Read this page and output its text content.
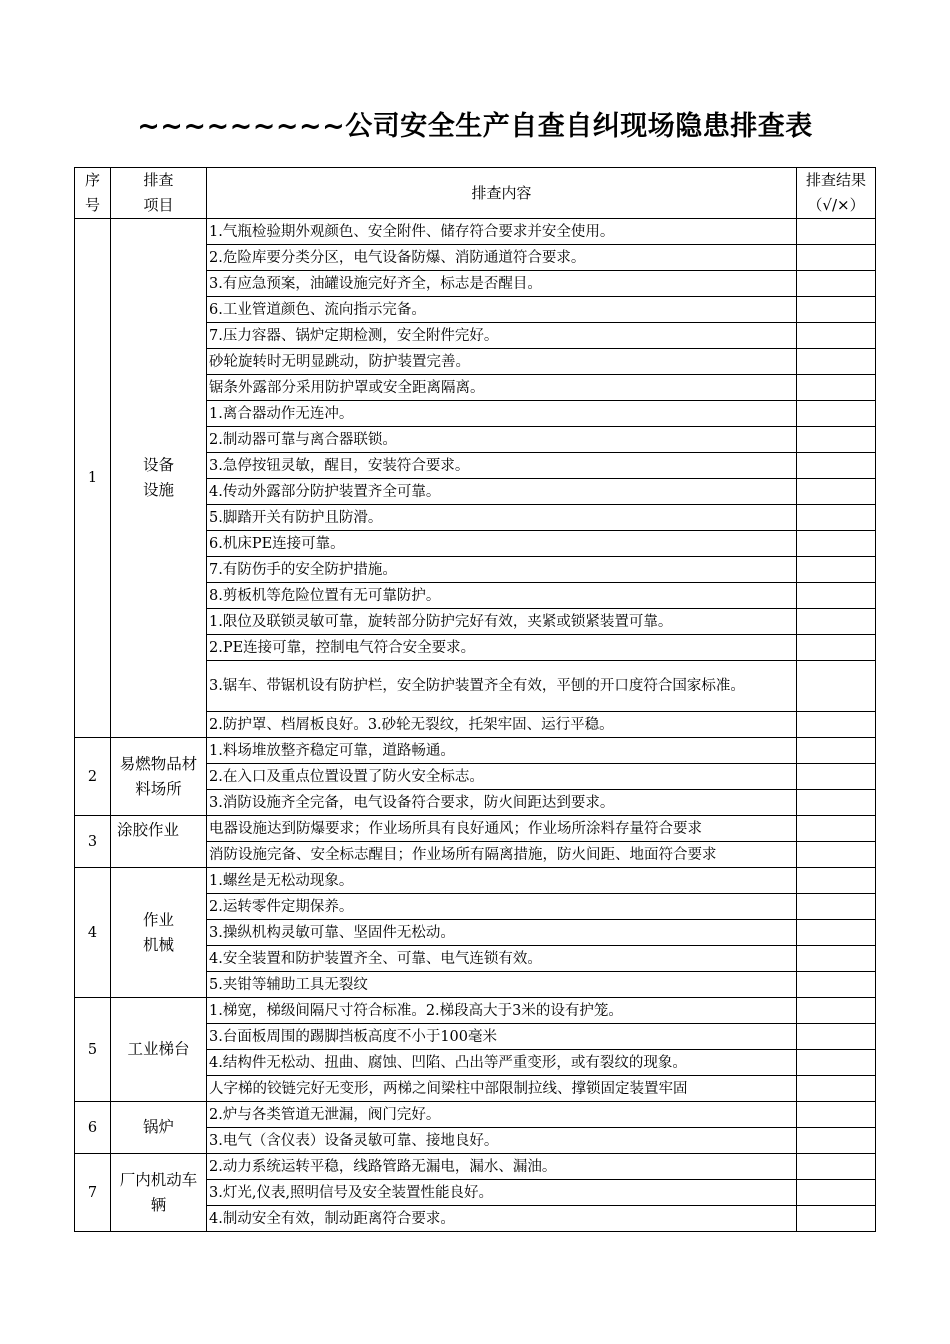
~~~~~~~~~公司安全生产自查自纠现场隐患排查表
序
号	排查
项目	排查内容	排查结果
（√/×）
1	设备
设施	1.气瓶检验期外观颜色、安全附件、储存符合要求并安全使用。	
		2.危险库要分类分区，电气设备防爆、消防通道符合要求。	
		3.有应急预案，油罐设施完好齐全，标志是否醒目。	
		6.工业管道颜色、流向指示完备。	
		7.压力容器、锅炉定期检测，安全附件完好。	
		砂轮旋转时无明显跳动，防护装置完善。	
		锯条外露部分采用防护罩或安全距离隔离。	
		1.离合器动作无连冲。	
		2.制动器可靠与离合器联锁。	
		3.急停按钮灵敏，醒目，安装符合要求。	
		4.传动外露部分防护装置齐全可靠。	
		5.脚踏开关有防护且防滑。	
		6.机床PE连接可靠。	
		7.有防伤手的安全防护措施。	
		8.剪板机等危险位置有无可靠防护。	
		1.限位及联锁灵敏可靠，旋转部分防护完好有效，夹紧或锁紧装置可靠。	
		2.PE连接可靠，控制电气符合安全要求。	
		3.锯车、带锯机设有防护栏，安全防护装置齐全有效，平刨的开口度符合国家标准。	
		2.防护罩、档屑板良好。3.砂轮无裂纹，托架牢固、运行平稳。	
2	易燃物品材
料场所	1.料场堆放整齐稳定可靠，道路畅通。	
		2.在入口及重点位置设置了防火安全标志。	
		3.消防设施齐全完备，电气设备符合要求，防火间距达到要求。	
3	涂胶作业	电器设施达到防爆要求；作业场所具有良好通风；作业场所涂料存量符合要求	
		消防设施完备、安全标志醒目；作业场所有隔离措施，防火间距、地面符合要求	
4	作业
机械	1.螺丝是无松动现象。	
		2.运转零件定期保养。	
		3.操纵机构灵敏可靠、坚固件无松动。	
		4.安全装置和防护装置齐全、可靠、电气连锁有效。	
		5.夹钳等辅助工具无裂纹	
5	工业梯台	1.梯宽，梯级间隔尺寸符合标准。2.梯段高大于3米的设有护笼。	
		3.台面板周围的踢脚挡板高度不小于100毫米	
		4.结构件无松动、扭曲、腐蚀、凹陷、凸出等严重变形，或有裂纹的现象。	
		人字梯的铰链完好无变形，两梯之间梁柱中部限制拉线、撑锁固定装置牢固	
6	锅炉	2.炉与各类管道无泄漏，阀门完好。	
		3.电气（含仪表）设备灵敏可靠、接地良好。	
7	厂内机动车
辆	2.动力系统运转平稳，线路管路无漏电，漏水、漏油。	
		3.灯光,仪表,照明信号及安全装置性能良好。	
		4.制动安全有效，制动距离符合要求。	
